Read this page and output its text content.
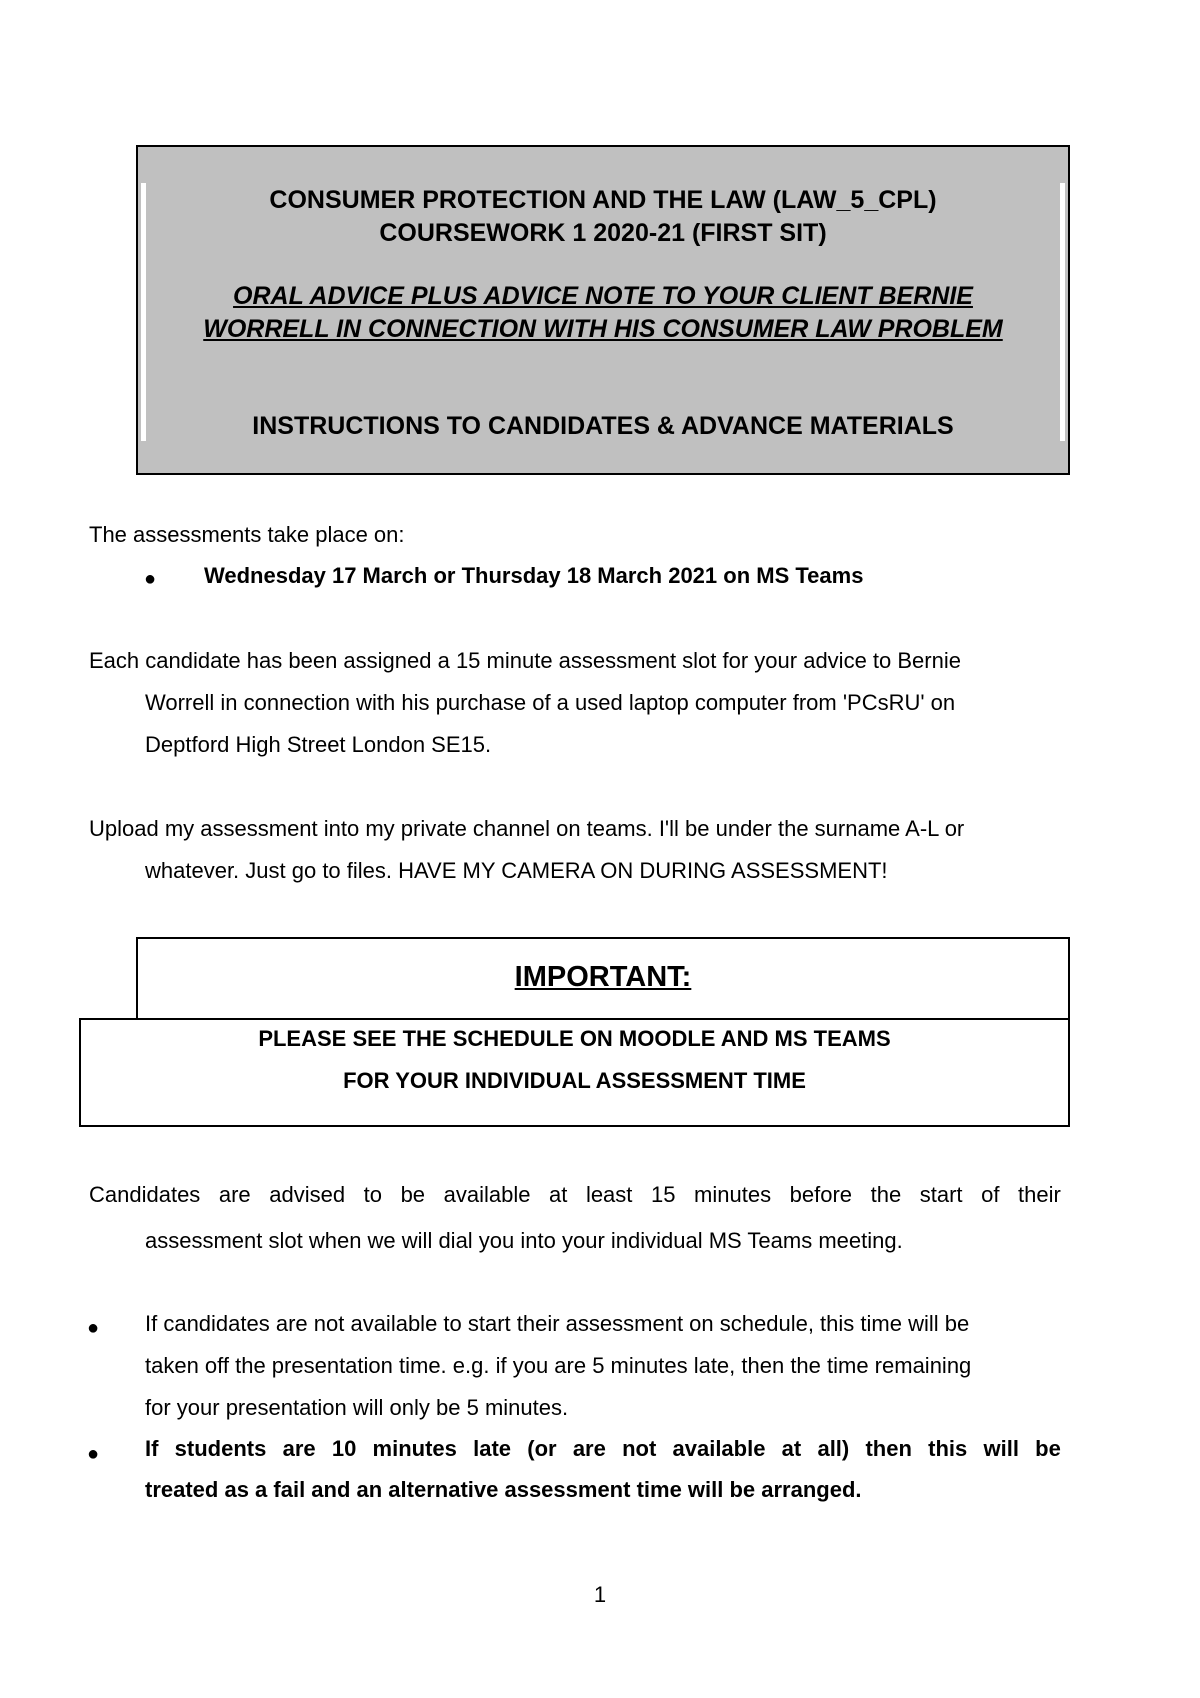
CONSUMER PROTECTION AND THE LAW (LAW_5_CPL)
COURSEWORK 1 2020-21 (FIRST SIT)
ORAL ADVICE PLUS ADVICE NOTE TO YOUR CLIENT BERNIE
WORRELL IN CONNECTION WITH HIS CONSUMER LAW PROBLEM
INSTRUCTIONS TO CANDIDATES & ADVANCE MATERIALS
The assessments take place on:
● Wednesday 17 March or Thursday 18 March 2021 on MS Teams
Each candidate has been assigned a 15 minute assessment slot for your advice to Bernie
Worrell in connection with his purchase of a used laptop computer from 'PCsRU' on
Deptford High Street London SE15.
Upload my assessment into my private channel on teams. I'll be under the surname A-L or
whatever. Just go to files. HAVE MY CAMERA ON DURING ASSESSMENT!
IMPORTANT:
PLEASE SEE THE SCHEDULE ON MOODLE AND MS TEAMS
FOR YOUR INDIVIDUAL ASSESSMENT TIME
Candidates are advised to be available at least 15 minutes before the start of their
assessment slot when we will dial you into your individual MS Teams meeting.
● If candidates are not available to start their assessment on schedule, this time will be
taken off the presentation time. e.g. if you are 5 minutes late, then the time remaining
for your presentation will only be 5 minutes.
● If students are 10 minutes late (or are not available at all) then this will be
treated as a fail and an alternative assessment time will be arranged.
1
